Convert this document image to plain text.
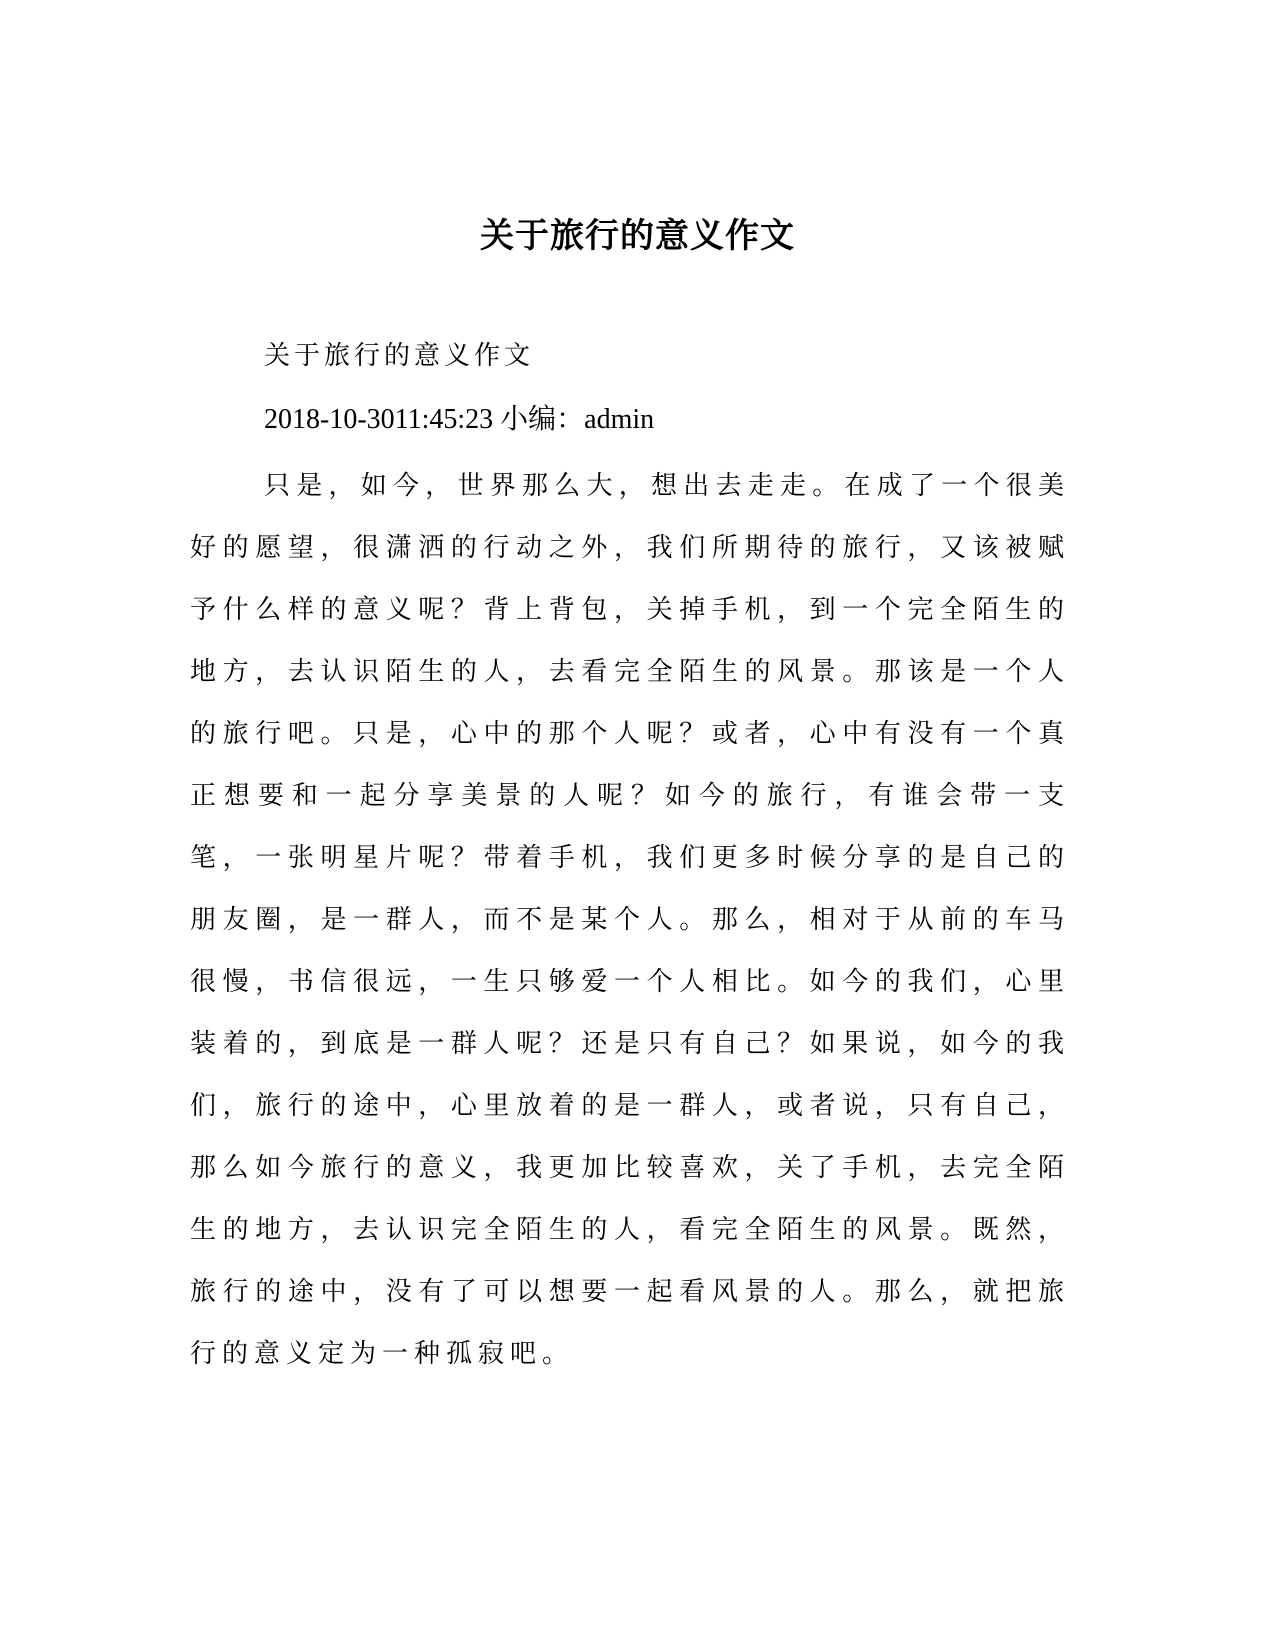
关于旅行的意义作文

关于旅行的意义作文

2018-10-3011:45:23 小编：admin

只是，如今，世界那么大，想出去走走。在成了一个很美好的愿望，很潇洒的行动之外，我们所期待的旅行，又该被赋予什么样的意义呢？背上背包，关掉手机，到一个完全陌生的地方，去认识陌生的人，去看完全陌生的风景。那该是一个人的旅行吧。只是，心中的那个人呢？或者，心中有没有一个真正想要和一起分享美景的人呢？如今的旅行，有谁会带一支笔，一张明星片呢？带着手机，我们更多时候分享的是自己的朋友圈，是一群人，而不是某个人。那么，相对于从前的车马很慢，书信很远，一生只够爱一个人相比。如今的我们，心里装着的，到底是一群人呢？还是只有自己？如果说，如今的我们，旅行的途中，心里放着的是一群人，或者说，只有自己，那么如今旅行的意义，我更加比较喜欢，关了手机，去完全陌生的地方，去认识完全陌生的人，看完全陌生的风景。既然，旅行的途中，没有了可以想要一起看风景的人。那么，就把旅行的意义定为一种孤寂吧。
